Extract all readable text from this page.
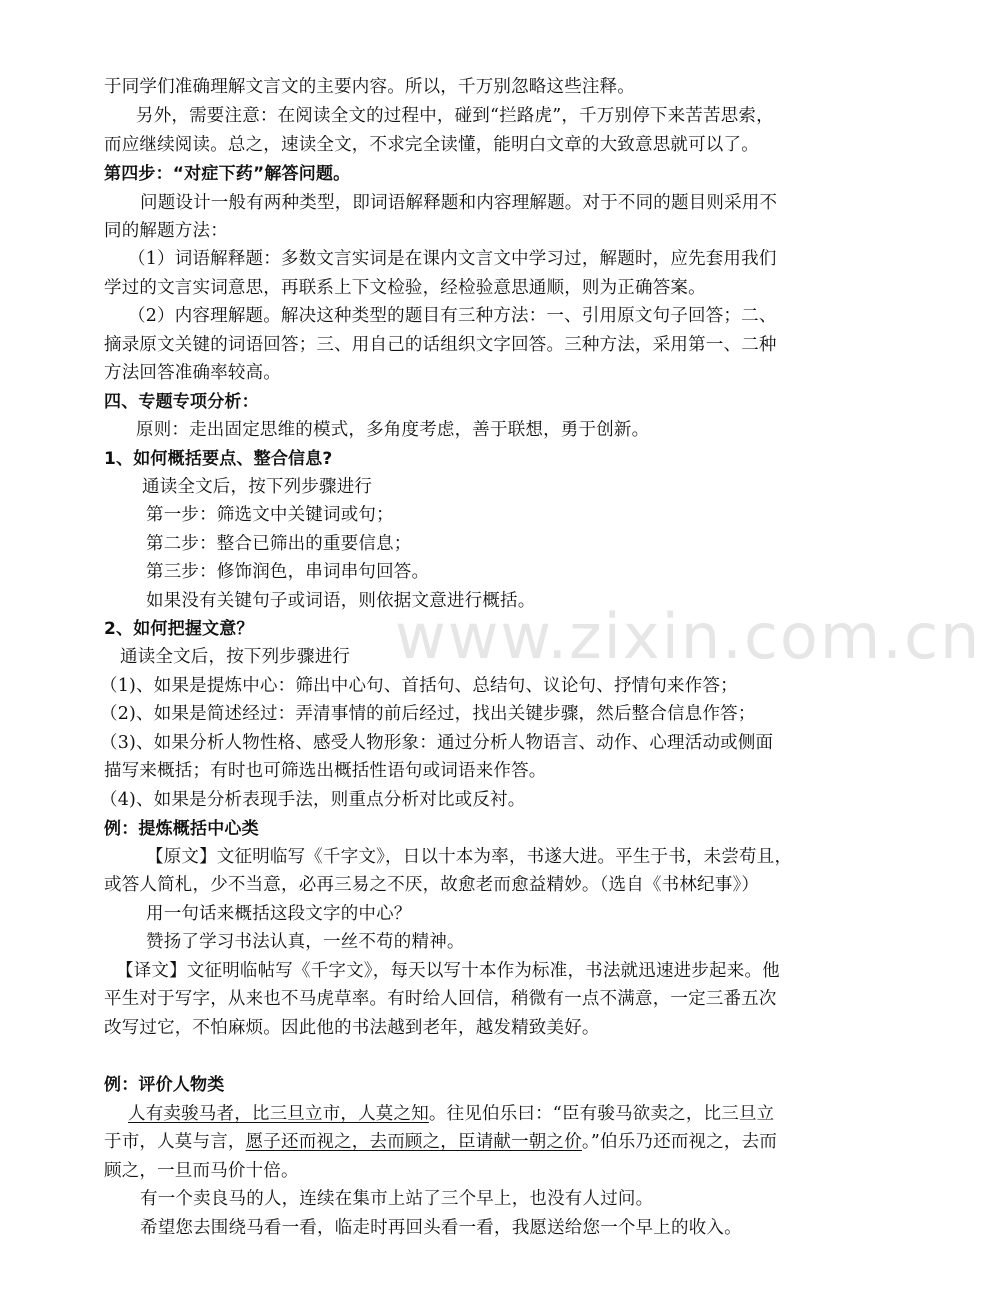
www.zixin.com.cn
于同学们准确理解文言文的主要内容。所以，千万别忽略这些注释。
另外，需要注意：在阅读全文的过程中，碰到“拦路虎”，千万别停下来苦苦思索，
而应继续阅读。总之，速读全文，不求完全读懂，能明白文章的大致意思就可以了。
第四步：“对症下药”解答问题。
问题设计一般有两种类型，即词语解释题和内容理解题。对于不同的题目则采用不
同的解题方法：
（1）词语解释题：多数文言实词是在课内文言文中学习过，解题时，应先套用我们
学过的文言实词意思，再联系上下文检验，经检验意思通顺，则为正确答案。
（2）内容理解题。解决这种类型的题目有三种方法：一、引用原文句子回答；二、
摘录原文关键的词语回答；三、用自己的话组织文字回答。三种方法，采用第一、二种
方法回答准确率较高。
四、专题专项分析：
原则：走出固定思维的模式，多角度考虑，善于联想，勇于创新。
1、如何概括要点、整合信息?
通读全文后，按下列步骤进行
第一步：筛选文中关键词或句；
第二步：整合已筛出的重要信息；
第三步：修饰润色，串词串句回答。
如果没有关键句子或词语，则依据文意进行概括。
2、如何把握文意？
通读全文后，按下列步骤进行
（1)、如果是提炼中心：筛出中心句、首括句、总结句、议论句、抒情句来作答；
（2)、如果是简述经过：弄清事情的前后经过，找出关键步骤，然后整合信息作答；
（3)、如果分析人物性格、感受人物形象：通过分析人物语言、动作、心理活动或侧面
描写来概括；有时也可筛选出概括性语句或词语来作答。
（4)、如果是分析表现手法，则重点分析对比或反衬。
例：提炼概括中心类
【原文】文征明临写《千字文》，日以十本为率，书遂大进。平生于书，未尝苟且，
或答人简札，少不当意，必再三易之不厌，故愈老而愈益精妙。（选自《书林纪事》）
用一句话来概括这段文字的中心？
赞扬了学习书法认真，一丝不苟的精神。
【译文】文征明临帖写《千字文》，每天以写十本作为标准，书法就迅速进步起来。他
平生对于写字，从来也不马虎草率。有时给人回信，稍微有一点不满意，一定三番五次
改写过它，不怕麻烦。因此他的书法越到老年，越发精致美好。
例：评价人物类
人有卖骏马者，比三旦立市，人莫之知。往见伯乐曰：“臣有骏马欲卖之，比三旦立
于市，人莫与言，愿子还而视之，去而顾之，臣请献一朝之价。”伯乐乃还而视之，去而
顾之，一旦而马价十倍。
有一个卖良马的人，连续在集市上站了三个早上，也没有人过问。
希望您去围绕马看一看，临走时再回头看一看，我愿送给您一个早上的收入。
